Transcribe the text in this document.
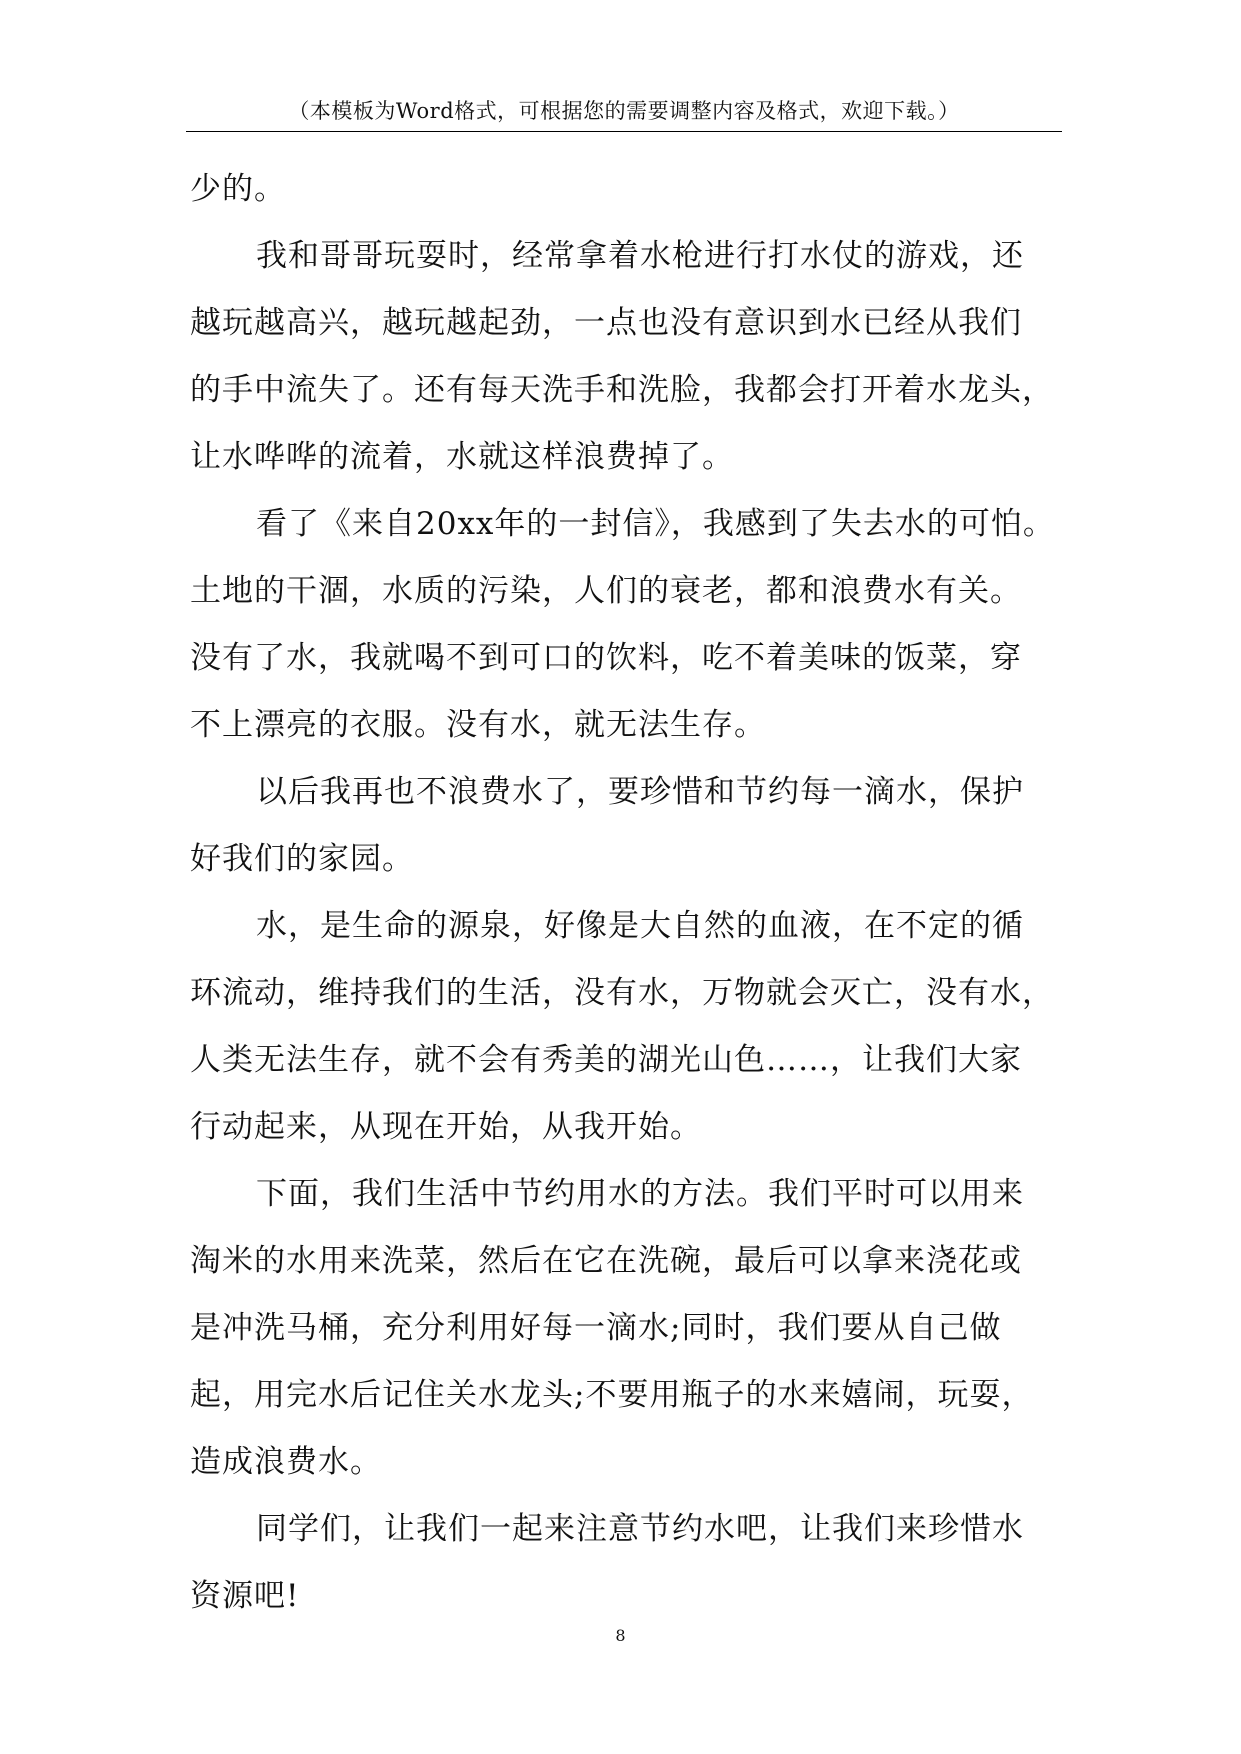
（本模板为Word格式，可根据您的需要调整内容及格式，欢迎下载。）
少的。
我和哥哥玩耍时，经常拿着水枪进行打水仗的游戏，还
越玩越高兴，越玩越起劲，一点也没有意识到水已经从我们
的手中流失了。还有每天洗手和洗脸，我都会打开着水龙头，
让水哗哗的流着，水就这样浪费掉了。
看了《来自20xx年的一封信》，我感到了失去水的可怕。
土地的干涸，水质的污染，人们的衰老，都和浪费水有关。
没有了水，我就喝不到可口的饮料，吃不着美味的饭菜，穿
不上漂亮的衣服。没有水，就无法生存。
以后我再也不浪费水了，要珍惜和节约每一滴水，保护
好我们的家园。
水，是生命的源泉，好像是大自然的血液，在不定的循
环流动，维持我们的生活，没有水，万物就会灭亡，没有水，
人类无法生存，就不会有秀美的湖光山色……，让我们大家
行动起来，从现在开始，从我开始。
下面，我们生活中节约用水的方法。我们平时可以用来
淘米的水用来洗菜，然后在它在洗碗，最后可以拿来浇花或
是冲洗马桶，充分利用好每一滴水;同时，我们要从自己做
起，用完水后记住关水龙头;不要用瓶子的水来嬉闹，玩耍，
造成浪费水。
同学们，让我们一起来注意节约水吧，让我们来珍惜水
资源吧!
8
